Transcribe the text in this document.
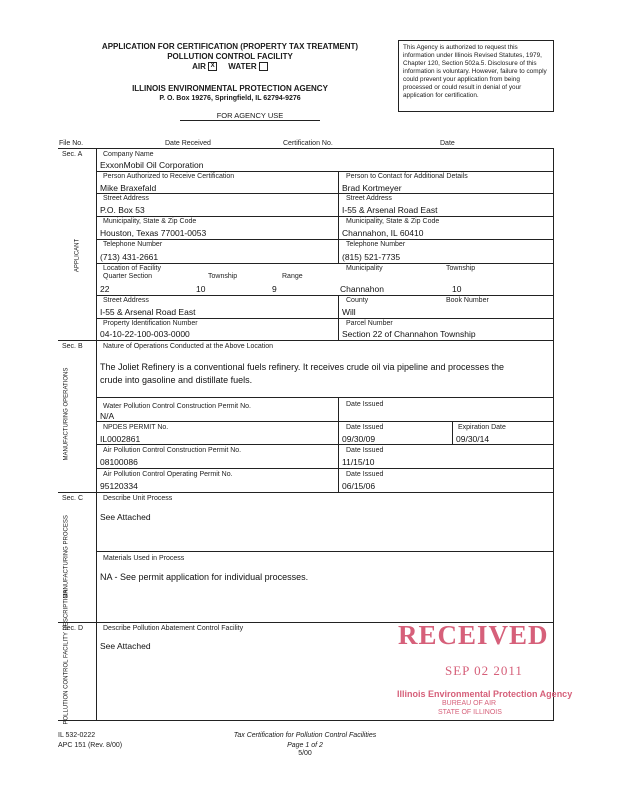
APPLICATION FOR CERTIFICATION (PROPERTY TAX TREATMENT)
POLLUTION CONTROL FACILITY
AIR X WATER
ILLINOIS ENVIRONMENTAL PROTECTION AGENCY
P. O. Box 19276, Springfield, IL 62794-9276
This Agency is authorized to request this information under Illinois Revised Statutes, 1979, Chapter 120, Section 502a.5. Disclosure of this information is voluntary. However, failure to comply could prevent your application from being processed or could result in denial of your application for certification.
FOR AGENCY USE
File No.	Date Received	Certification No.	Date
Sec. A
APPLICANT
Company Name
ExxonMobil Oil Corporation
Person Authorized to Receive Certification	Person to Contact for Additional Details
Mike Braxefald	Brad Kortmeyer
Street Address	Street Address
P.O. Box 53	I-55 & Arsenal Road East
Municipality, State & Zip Code	Municipality, State & Zip Code
Houston, Texas 77001-0053	Channahon, IL 60410
Telephone Number	Telephone Number
(713) 431-2661	(815) 521-7735
Location of Facility
Quarter Section	Township	Range
Municipality	Township
22	10	9	Channahon	10
Street Address	County	Book Number
I-55 & Arsenal Road East	Will
Property Identification Number	Parcel Number
04-10-22-100-003-0000	Section 22 of Channahon Township
Sec. B
MANUFACTURING OPERATIONS
Nature of Operations Conducted at the Above Location
The Joliet Refinery is a conventional fuels refinery. It receives crude oil via pipeline and processes the
crude into gasoline and distillate fuels.
Water Pollution Control Construction Permit No.	Date Issued
N/A
NPDES PERMIT No.	Date Issued	Expiration Date
IL0002861	09/30/09	09/30/14
Air Pollution Control Construction Permit No.	Date Issued
08100086	11/15/10
Air Pollution Control Operating Permit No.	Date Issued
95120334	06/15/06
Sec. C
MANUFACTURING PROCESS
Describe Unit Process
See Attached
Materials Used in Process
NA - See permit application for individual processes.
Sec. D
POLLUTION CONTROL FACILITY DESCRIPTION	Describe Pollution Abatement Control Facility
See Attached	RECEIVED
SEP 02 2011
Illinois Environmental Protection Agency
BUREAU OF AIR
STATE OF ILLINOIS
IL 532-0222
APC 151 (Rev. 8/00)
Tax Certification for Pollution Control Facilities
Page 1 of 2
5/00
